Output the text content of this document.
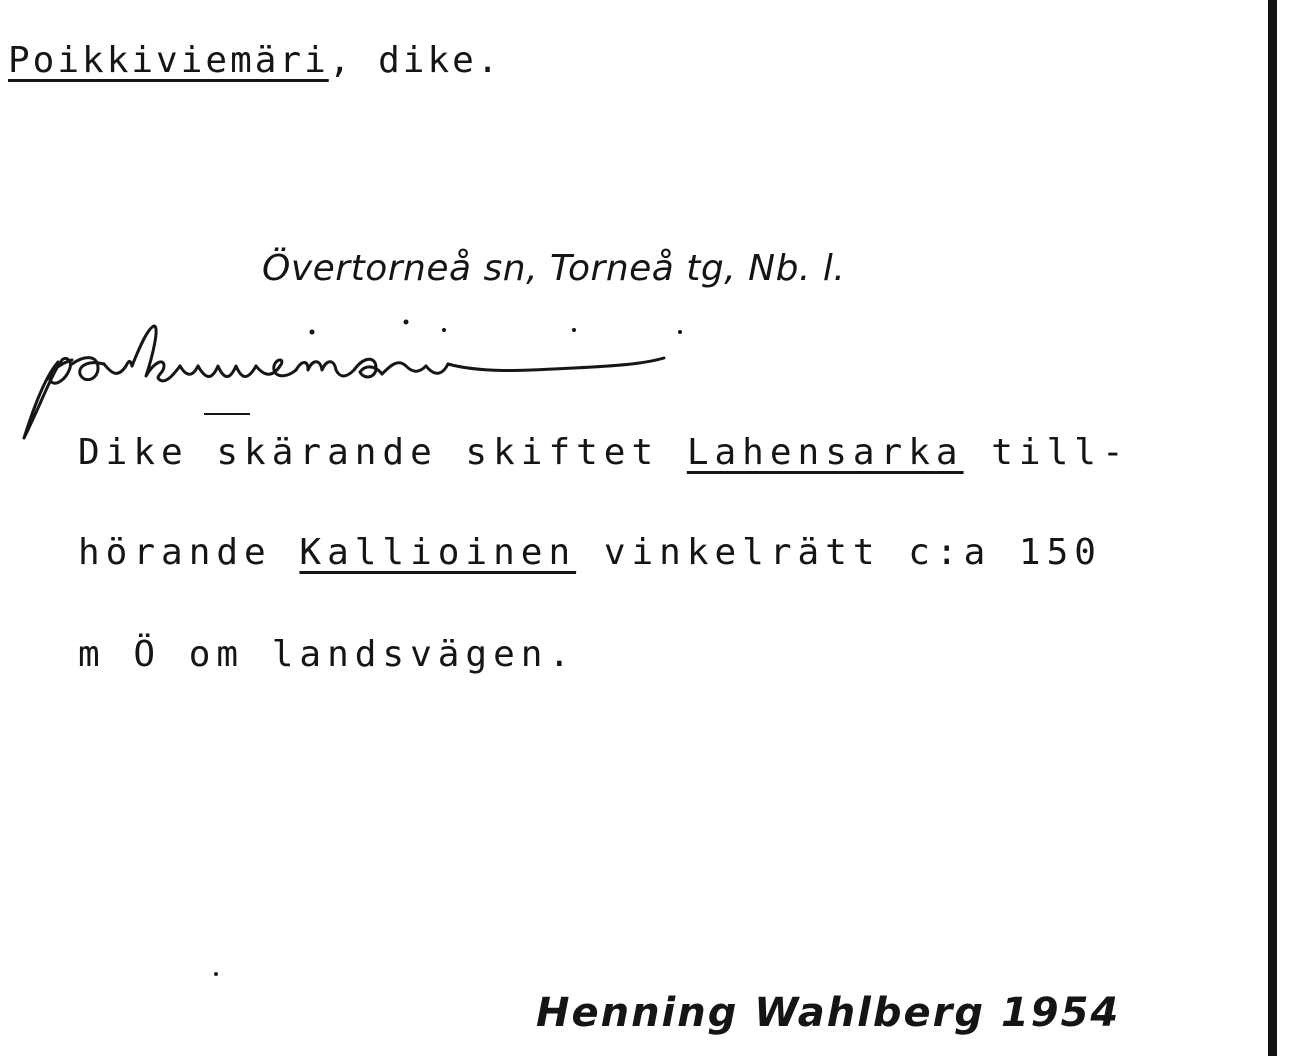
Poikkiviemäri, dike.
Övertorneå sn, Torneå tg, Nb. l.
Dike skärande skiftet Lahensarka till-
hörande Kallioinen vinkelrätt c:a 150
m Ö om landsvägen.
Henning Wahlberg 1954
